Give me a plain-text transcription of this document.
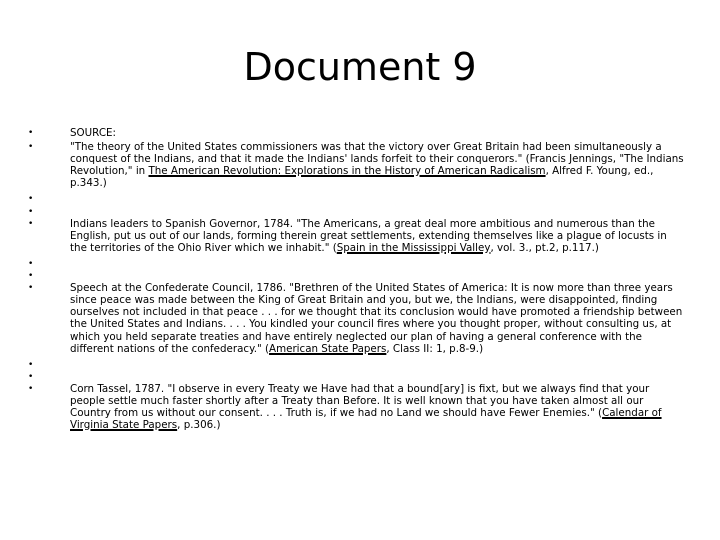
Document 9
•	SOURCE:
•	"The theory of the United States commissioners was that the victory over Great Britain had been simultaneously a conquest of the Indians, and that it made the Indians' lands forfeit to their conquerors." (Francis Jennings, "The Indians Revolution," in The American Revolution: Explorations in the History of American Radicalism, Alfred F. Young, ed., p.343.)
•
•
•	Indians leaders to Spanish Governor, 1784. "The Americans, a great deal more ambitious and numerous than the English, put us out of our lands, forming therein great settlements, extending themselves like a plague of locusts in the territories of the Ohio River which we inhabit." (Spain in the Mississippi Valley, vol. 3., pt.2, p.117.)
•
•
•	Speech at the Confederate Council, 1786. "Brethren of the United States of America: It is now more than three years since peace was made between the King of Great Britain and you, but we, the Indians, were disappointed, finding ourselves not included in that peace . . . for we thought that its conclusion would have promoted a friendship between the United States and Indians. . . . You kindled your council fires where you thought proper, without consulting us, at which you held separate treaties and have entirely neglected our plan of having a general conference with the different nations of the confederacy." (American State Papers, Class II: 1, p.8-9.)
•
•
•	Corn Tassel, 1787. "I observe in every Treaty we Have had that a bound[ary] is fixt, but we always find that your people settle much faster shortly after a Treaty than Before. It is well known that you have taken almost all our Country from us without our consent. . . . Truth is, if we had no Land we should have Fewer Enemies." (Calendar of Virginia State Papers, p.306.)
